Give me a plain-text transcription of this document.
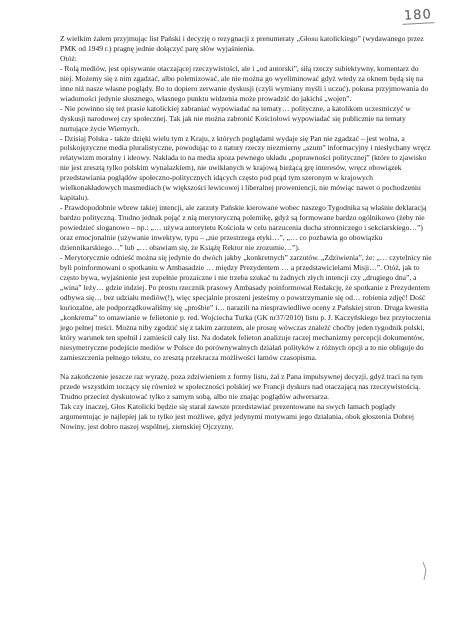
180

Z wielkim żalem przyjmując list Pański i decyzję o rezygnacji z prenumeraty „Głosu katolickiego” (wydawanego przez PMK od 1949 r.) pragnę jednie dołączyć parę słów wyjaśnienia.

Otóż:

- Rolą mediów, jest opisywanie otaczającej rzeczywistości, ale i „od autorski”, siłą rzeczy subiektywny, komentarz do niej. Możemy się z nim zgadzać, albo polemizować, ale nie można go wyeliminować gdyż wtedy za oknem będą się na inne niż nasze własne poglądy. Bo to dopiero zerwanie dyskusji (czyli wymiany myśli i uczuć), pokusa przyjmowania do wiadomości jedynie słusznego, własnego punktu widzenia może prowadzić do jakichś „wojen”.

- Nie powinno się też prasie katolickiej zabraniać wypowiadać na tematy… polityczne, a katolikom uczestniczyć w dyskusji narodowej czy społecznej. Tak jak nie można zabronić Kościołowi wypowiadać się publicznie na tematy nurtujące życie Wiernych.

- Dzisiaj Polska - także dzięki wielu tym z Kraju, z których poglądami wydaje się Pan nie zgadzać – jest wolna, a polskojęzyczne media pluralistyczne, powodując to z natury rzeczy niezmierny „szum” informacyjny i niesłychany wręcz relatywizm moralny i ideowy. Nakłada to na media spoza pewnego układu „poprawności politycznej” (które to zjawisko nie jest zresztą tylko polskim wynalazkiem), nie uwikłanych w krajową bieżącą grę interesów, wręcz obowiązek przedstawiania poglądów społeczno-politycznych idących często pod prąd tym szeronym w krajowych wielkonakładowych masmediach (w większości lewicowej i liberalnej proweniencji, nie mówiąc nawet o pochodzeniu kapitału).

- Prawdopodobnie wbrew takiej intencji, ale zarzuty Pańskie kierowane wobec naszego Tygodnika są właśnie deklaracją bardzo polityczną. Trudno jednak pojąć z nią merytoryczną polemikę, gdyż są formowane bardzo ogólnikowo (żeby nie powiedzieć sloganowo – np.: „… używa autorytetu Kościoła w celu narzucenia ducha stronniczego i sekciarskiego…”) oraz emocjonalnie (używanie inwektyw, typu – „nie przestrzega etyki…”, „… co pozbawia go obowiązku dziennikarskiego…” lub „… obawiam się, że Książę Rektor nie zrozumie…”).

- Merytorycznie odnieść można się jedynie do dwóch jakby „konkretnych” zarzutów. „Zdziwienia”, że: „… czytelnicy nie byli poinformowani o spotkaniu w Ambasadzie … między Prezydentem … a przedstawicielami Misji…”. Otóż, jak to często bywa, wyjaśnienie jest zupełnie prozaiczne i nie trzeba szukać tu żadnych złych intencji czy „drugiego dna”, a „wina” leży… gdzie indziej. Po prostu rzecznik prasowy Ambasady poinformował Redakcję, że spotkanie z Prezydentem odbywa się… bez udziału mediów(!), więc specjalnie proszeni jesteśmy o powstrzymanie się od… robienia zdjęć! Dość kuriozalne, ale podporządkowaliśmy się „prośbie” i… narazili na niesprawiedliwe oceny z Pańskiej stron. Druga kwestia „konkretna” to omawianie w felietonie p. red. Wojciecha Turka (GK nr37/2010) listu p. J. Kaczyńskiego bez przytoczenia jego pełnej treści. Można niby zgodzić się z takim zarzutem, ale proszę wówczas znaleźć choćby jeden tygodnik polski, który warunek ten spełnił i zamieścił cały list. Na dodatek felieton analizuje raczej mechanizmy percepcji dokumentów, niesymetryczne podejście mediów w Polsce do porównywalnych działań polityków z różnych opcji a to nie obliguje do zamieszczenia pełnego tekstu, co zresztą przekracza możliwości łamów czasopisma.

Na zakończenie jeszcze raz wyrażę, poza zdziwieniem z formy listu, żal z Pana impulsywnej decyzji, gdyż traci na tym przede wszystkim toczący się również w społeczności polskiej we Francji dyskurs nad otaczającą nas rzeczywistością. Trudno przecież dyskutować tylko z samym sobą, albo nie znając poglądów adwersarza.

Tak czy inaczej, Głos Katolicki będzie się starał zawsze przedstawiać prezentowane na swych łamach poglądy argumentując je najlepiej jak to tylko jest możliwe, gdyż jedynymi motywami jego działania, obok głoszenia Dobrej Nowiny, jest dobro naszej wspólnej, ziemskiej Ojczyzny.
